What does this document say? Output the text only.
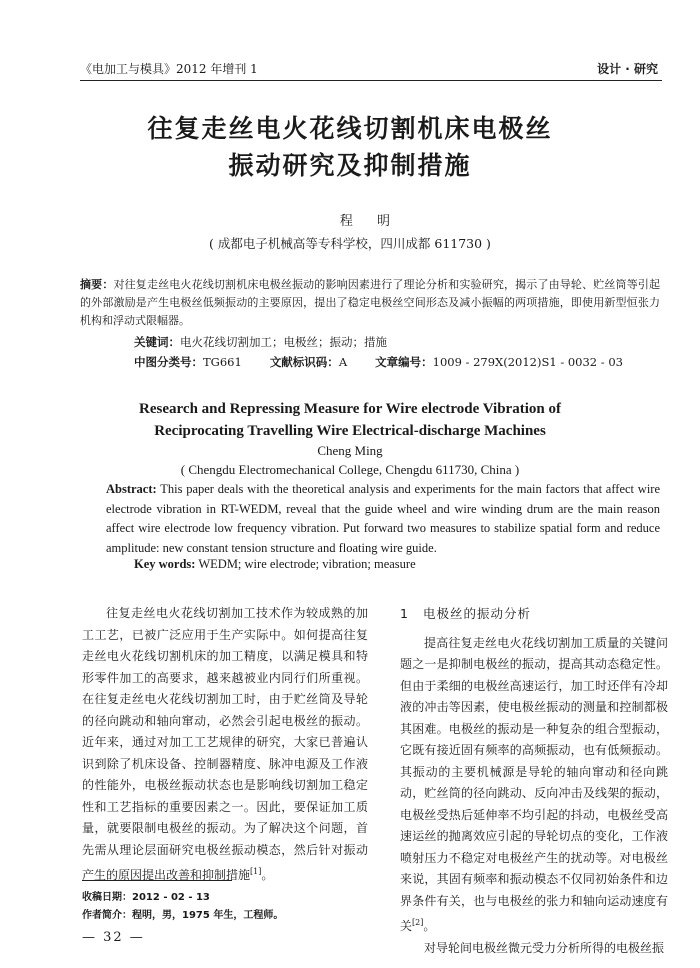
《电加工与模具》2012 年增刊 1	设计 · 研究
往复走丝电火花线切割机床电极丝
振动研究及抑制措施
程 明
( 成都电子机械高等专科学校，四川成都 611730 )
摘要：对往复走丝电火花线切割机床电极丝振动的影响因素进行了理论分析和实验研究，揭示了由导轮、贮丝筒等引起的外部激励是产生电极丝低频振动的主要原因，提出了稳定电极丝空间形态及减小振幅的两项措施，即使用新型恒张力机构和浮动式限幅器。
关键词：电火花线切割加工；电极丝；振动；措施
中图分类号：TG661 文献标识码：A 文章编号：1009 - 279X(2012)S1 - 0032 - 03
Research and Repressing Measure for Wire electrode Vibration of
Reciprocating Travelling Wire Electrical-discharge Machines
Cheng Ming
( Chengdu Electromechanical College, Chengdu 611730, China )
Abstract: This paper deals with the theoretical analysis and experiments for the main factors that affect wire electrode vibration in RT-WEDM, reveal that the guide wheel and wire winding drum are the main reason affect wire electrode low frequency vibration. Put forward two measures to stabilize spatial form and reduce amplitude: new constant tension structure and floating wire guide.
Key words: WEDM; wire electrode; vibration; measure

往复走丝电火花线切割加工技术作为较成熟的加工工艺，已被广泛应用于生产实际中。如何提高往复走丝电火花线切割机床的加工精度，以满足模具和特形零件加工的高要求，越来越被业内同行们所重视。在往复走丝电火花线切割加工时，由于贮丝筒及导轮的径向跳动和轴向窜动，必然会引起电极丝的振动。近年来，通过对加工工艺规律的研究，大家已普遍认识到除了机床设备、控制器精度、脉冲电源及工作液的性能外，电极丝振动状态也是影响线切割加工稳定性和工艺指标的重要因素之一。因此，要保证加工质量，就要限制电极丝的振动。为了解决这个问题，首先需从理论层面研究电极丝振动模态，然后针对振动产生的原因提出改善和抑制措施[1]。

收稿日期：2012 - 02 - 13
作者简介：程明，男，1975 年生，工程师。
— 32 —
1 电极丝的振动分析

提高往复走丝电火花线切割加工质量的关键问题之一是抑制电极丝的振动，提高其动态稳定性。但由于柔细的电极丝高速运行，加工时还伴有冷却液的冲击等因素，使电极丝振动的测量和控制都极其困难。电极丝的振动是一种复杂的组合型振动，它既有接近固有频率的高频振动，也有低频振动。其振动的主要机械源是导轮的轴向窜动和径向跳动，贮丝筒的径向跳动、反向冲击及线架的振动，电极丝受热后延伸率不均引起的抖动，电极丝受高速运丝的抛离效应引起的导轮切点的变化，工作液喷射压力不稳定对电极丝产生的扰动等。对电极丝来说，其固有频率和振动模态不仅同初始条件和边界条件有关，也与电极丝的张力和轴向运动速度有关[2]。

对导轮间电极丝微元受力分析所得的电极丝振
